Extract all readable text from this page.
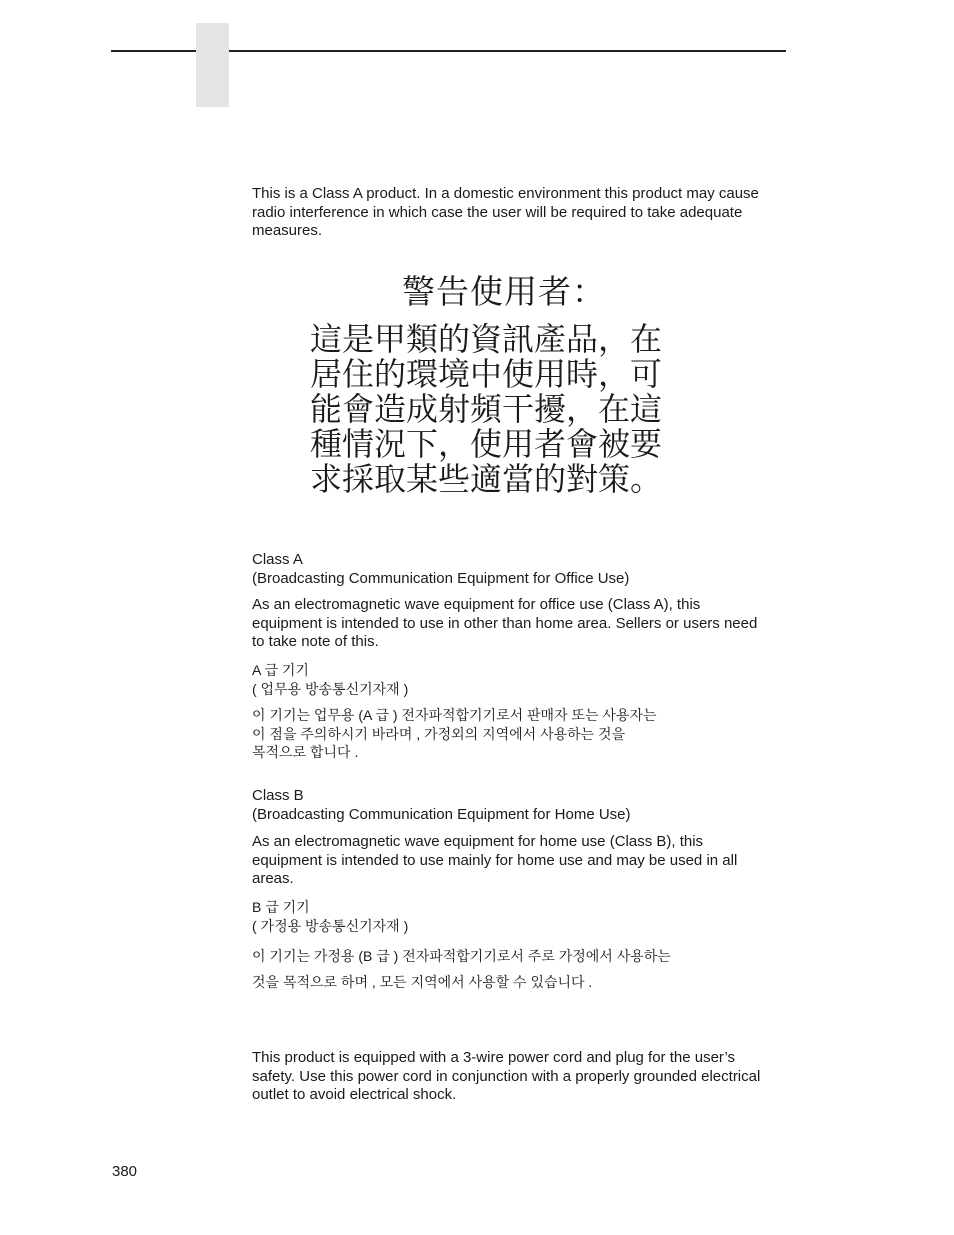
This is a Class A product. In a domestic environment this product may cause
radio interference in which case the user will be required to take adequate
measures.

警告使用者：

這是甲類的資訊產品，在
居住的環境中使用時，可
能會造成射頻干擾，在這
種情況下，使用者會被要
求採取某些適當的對策。

Class A
(Broadcasting Communication Equipment for Office Use)

As an electromagnetic wave equipment for office use (Class A), this
equipment is intended to use in other than home area. Sellers or users need
to take note of this.

A 급 기기
( 업무용 방송통신기자재 )

이 기기는 업무용 (A 급 ) 전자파적합기기로서 판매자 또는 사용자는
이 점을 주의하시기 바라며 , 가정외의 지역에서 사용하는 것을
목적으로 합니다 .

Class B
(Broadcasting Communication Equipment for Home Use)

As an electromagnetic wave equipment for home use (Class B), this
equipment is intended to use mainly for home use and may be used in all
areas.

B 급 기기
( 가정용 방송통신기자재 )

이 기기는 가정용 (B 급 ) 전자파적합기기로서 주로 가정에서 사용하는
것을 목적으로 하며 , 모든 지역에서 사용할 수 있습니다 .

This product is equipped with a 3-wire power cord and plug for the user’s
safety. Use this power cord in conjunction with a properly grounded electrical
outlet to avoid electrical shock.

380
